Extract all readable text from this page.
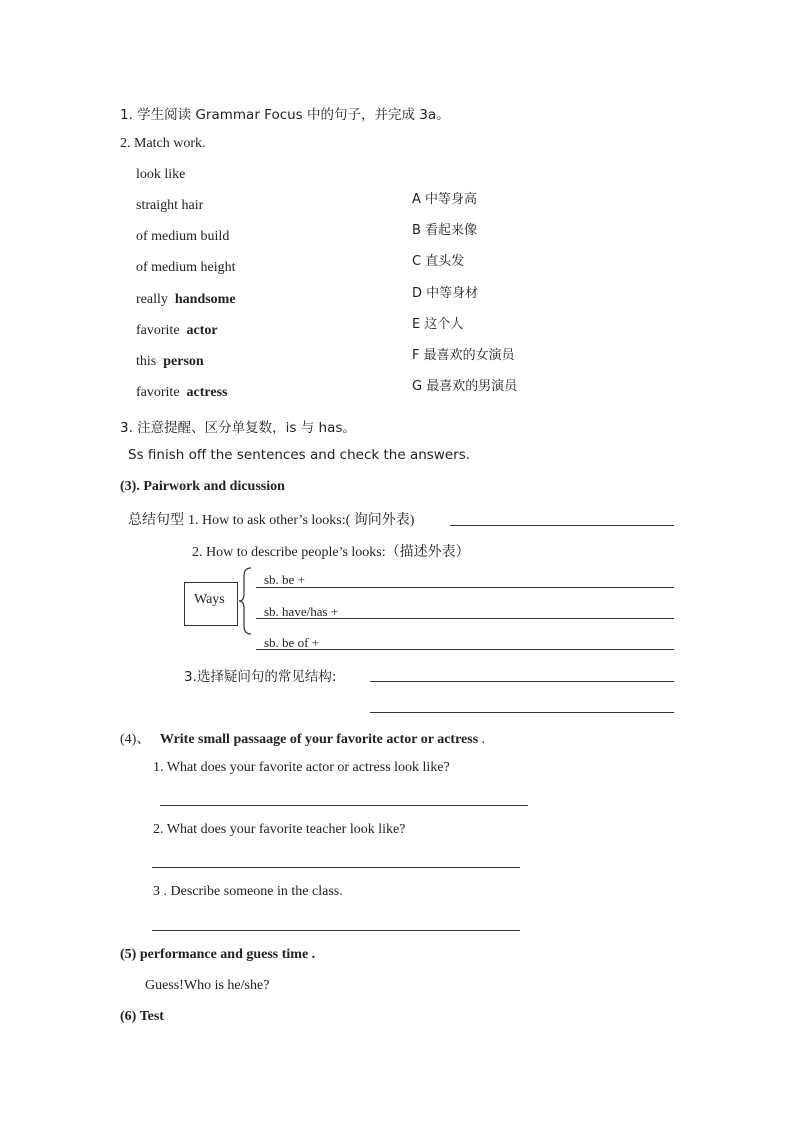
1. 学生阅读 Grammar Focus 中的句子，并完成 3a。
2. Match work.
look like
straight hair
of medium build
of medium height
really handsome
favorite actor
this person
favorite actress
A 中等身高
B 看起来像
C 直头发
D 中等身材
E 这个人
F 最喜欢的女演员
G 最喜欢的男演员
3. 注意提醒、区分单复数，is 与 has。
Ss finish off the sentences and check the answers.
(3). Pairwork and dicussion
总结句型 1. How to ask other’s looks:( 询问外表)
2. How to describe people’s looks:（描述外表）
Ways
sb. be +
sb. have/has +
sb. be of +
3.选择疑问句的常见结构:
(4)、 Write small passaage of your favorite actor or actress .
1. What does your favorite actor or actress look like?
2. What does your favorite teacher look like?
3 . Describe someone in the class.
(5) performance and guess time .
Guess!Who is he/she?
(6) Test
